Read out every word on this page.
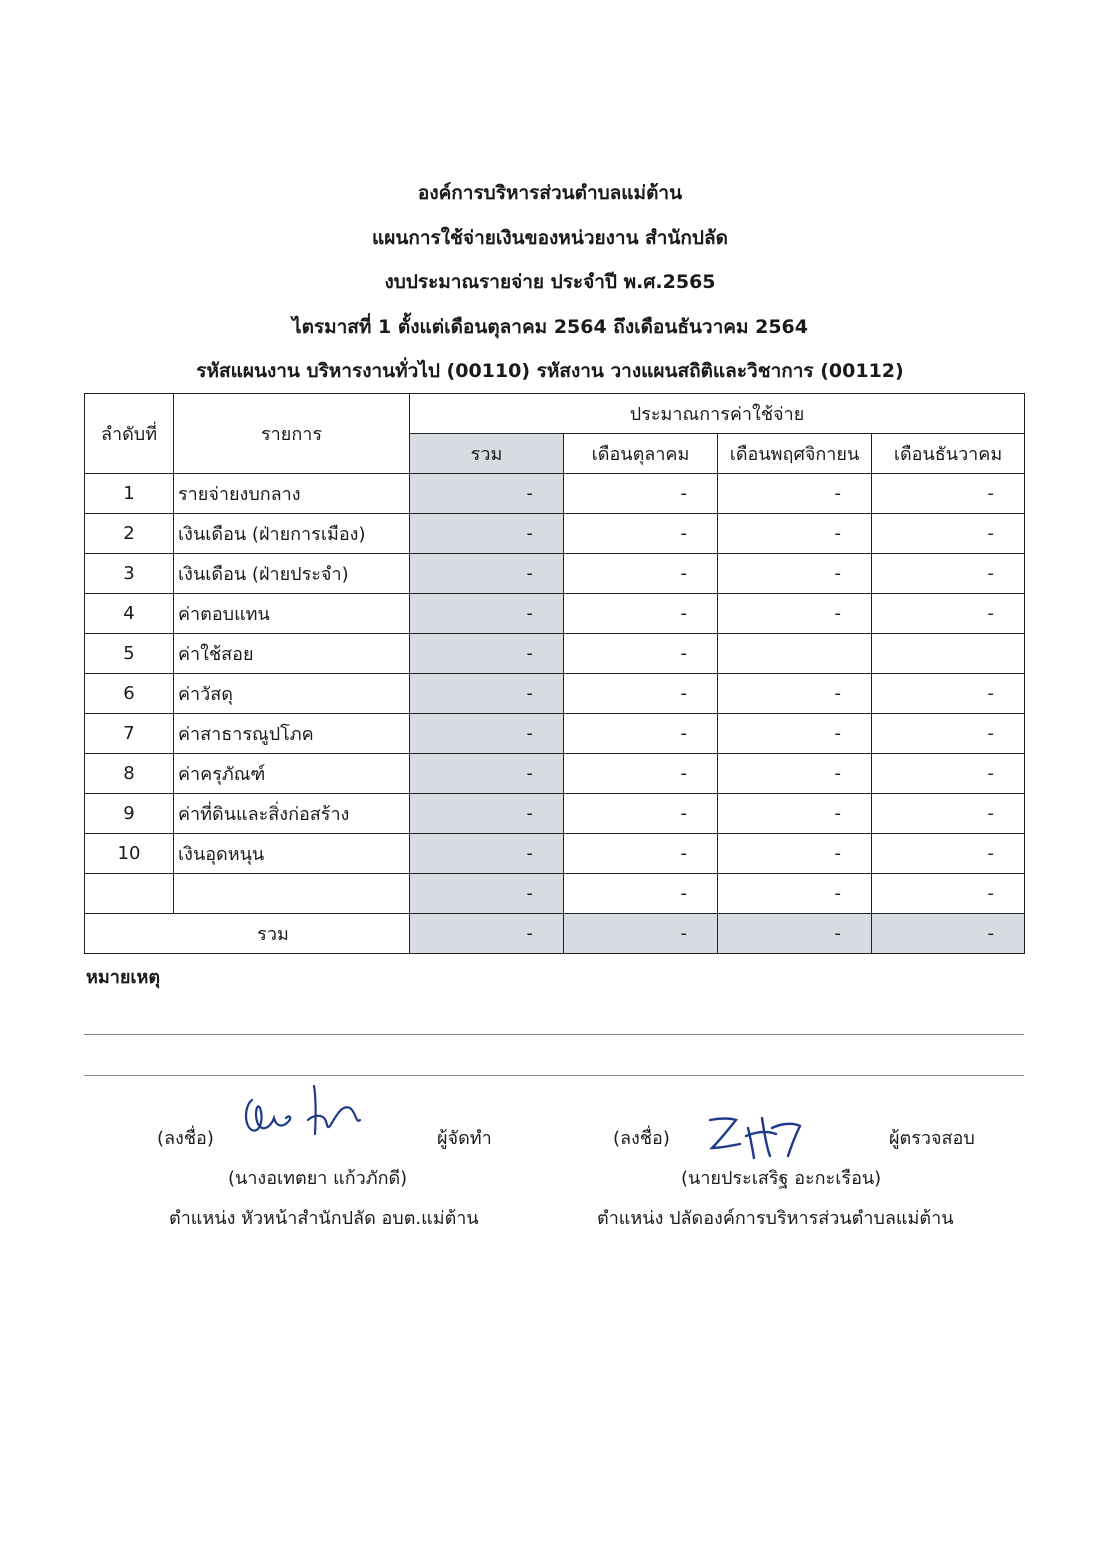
องค์การบริหารส่วนตำบลแม่ต้าน
แผนการใช้จ่ายเงินของหน่วยงาน สำนักปลัด
งบประมาณรายจ่าย ประจำปี พ.ศ.2565
ไตรมาสที่ 1 ตั้งแต่เดือนตุลาคม 2564 ถึงเดือนธันวาคม 2564
รหัสแผนงาน บริหารงานทั่วไป (00110) รหัสงาน วางแผนสถิติและวิชาการ (00112)
ลำดับที่	รายการ	ประมาณการค่าใช้จ่าย			
		รวม	เดือนตุลาคม	เดือนพฤศจิกายน	เดือนธันวาคม
1	รายจ่ายงบกลาง	-	-	-	-
2	เงินเดือน (ฝ่ายการเมือง)	-	-	-	-
3	เงินเดือน (ฝ่ายประจำ)	-	-	-	-
4	ค่าตอบแทน	-	-	-	-
5	ค่าใช้สอย	-	-		
6	ค่าวัสดุ	-	-	-	-
7	ค่าสาธารณูปโภค	-	-	-	-
8	ค่าครุภัณฑ์	-	-	-	-
9	ค่าที่ดินและสิ่งก่อสร้าง	-	-	-	-
10	เงินอุดหนุน	-	-	-	-
		-	-	-	-
รวม		-	-	-	-
หมายเหตุ
(ลงชื่อ)	ผู้จัดทำ
(นางอเทตยา แก้วภักดี)
ตำแหน่ง หัวหน้าสำนักปลัด อบต.แม่ต้าน
(ลงชื่อ)	ผู้ตรวจสอบ
(นายประเสริฐ อะกะเรือน)
ตำแหน่ง ปลัดองค์การบริหารส่วนตำบลแม่ต้าน
